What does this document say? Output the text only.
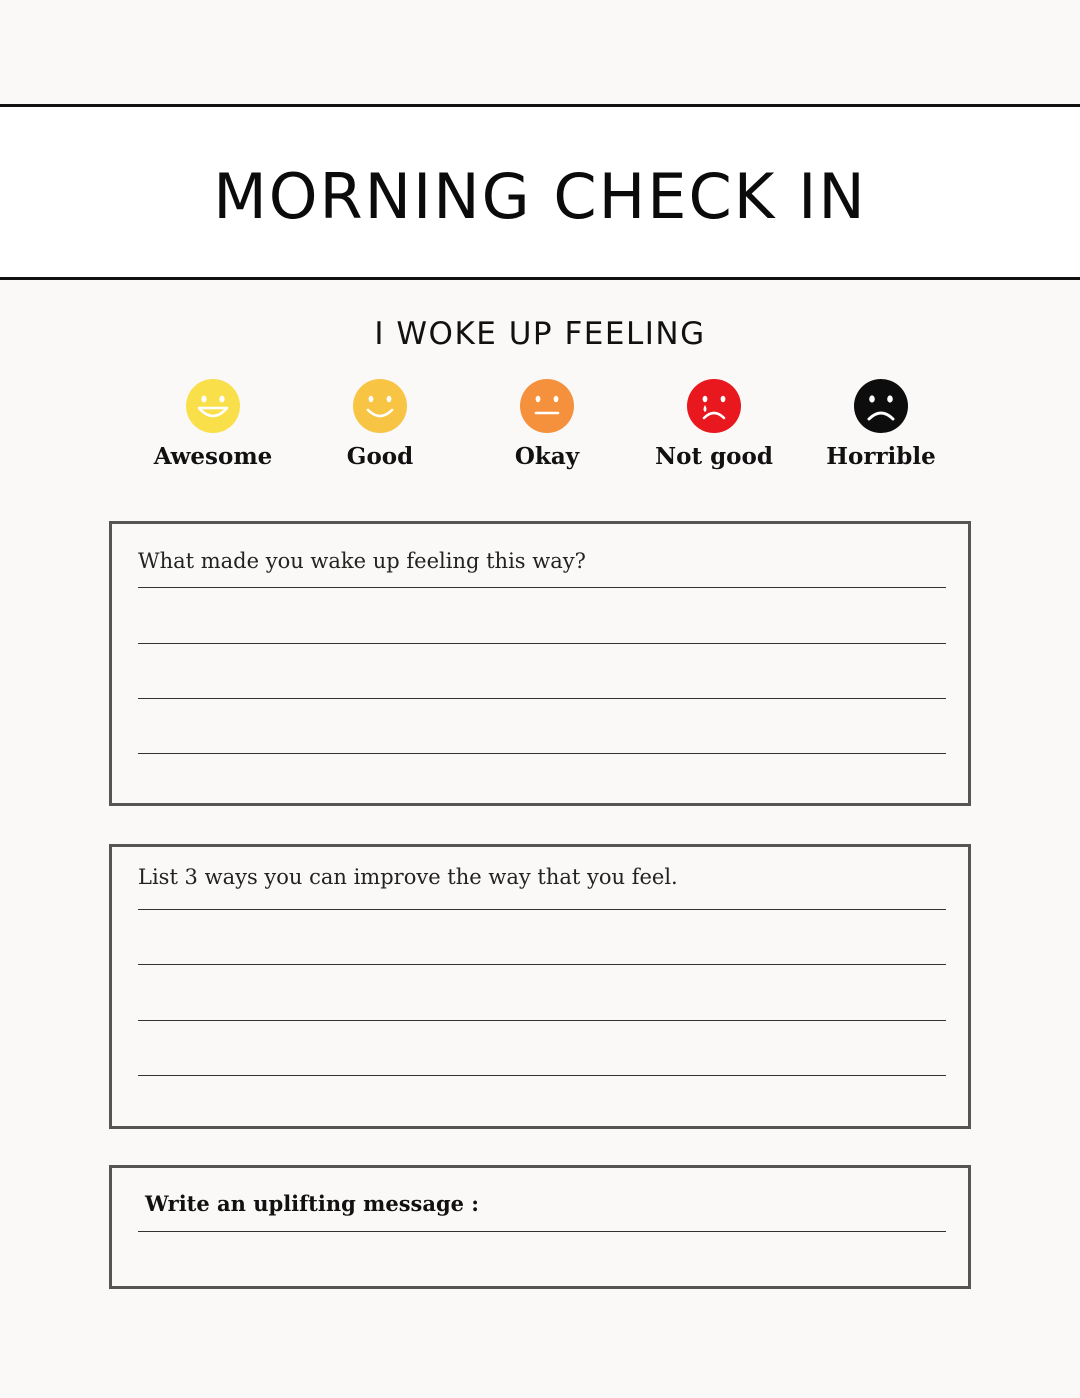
MORNING CHECK IN
I WOKE UP FEELING
Awesome	Good	Okay	Not good	Horrible
What made you wake up feeling this way?
List 3 ways you can improve the way that you feel.
Write an uplifting message :
